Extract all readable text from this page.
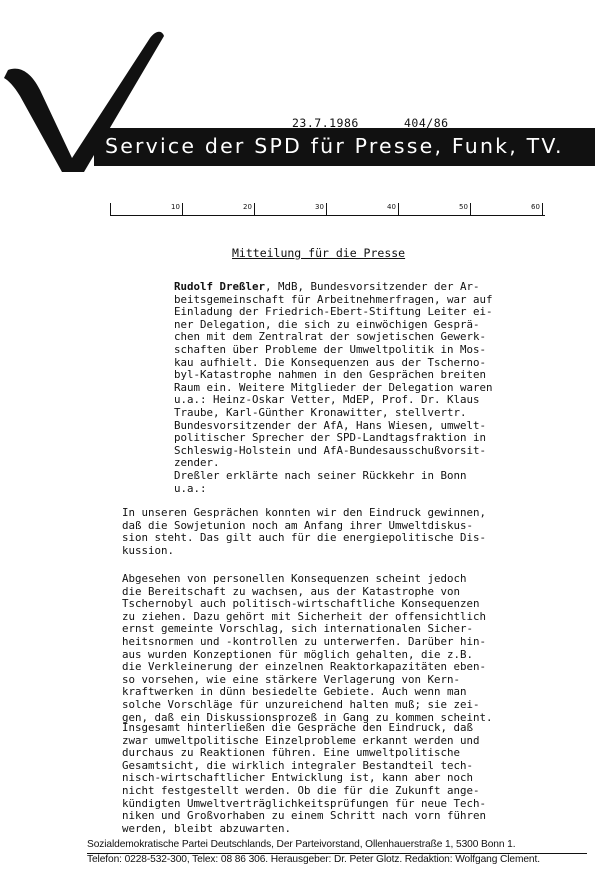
23.7.1986	404/86
Service der SPD für Presse, Funk, TV.
10	20	30	40	50	60
Mitteilung für die Presse
Rudolf Dreßler, MdB, Bundesvorsitzender der Ar-
beitsgemeinschaft für Arbeitnehmerfragen, war auf
Einladung der Friedrich-Ebert-Stiftung Leiter ei-
ner Delegation, die sich zu einwöchigen Gesprä-
chen mit dem Zentralrat der sowjetischen Gewerk-
schaften über Probleme der Umweltpolitik in Mos-
kau aufhielt. Die Konsequenzen aus der Tscherno-
byl-Katastrophe nahmen in den Gesprächen breiten
Raum ein. Weitere Mitglieder der Delegation waren
u.a.: Heinz-Oskar Vetter, MdEP, Prof. Dr. Klaus
Traube, Karl-Günther Kronawitter, stellvertr.
Bundesvorsitzender der AfA, Hans Wiesen, umwelt-
politischer Sprecher der SPD-Landtagsfraktion in
Schleswig-Holstein und AfA-Bundesausschußvorsit-
zender.
Dreßler erklärte nach seiner Rückkehr in Bonn
u.a.:
In unseren Gesprächen konnten wir den Eindruck gewinnen,
daß die Sowjetunion noch am Anfang ihrer Umweltdiskus-
sion steht. Das gilt auch für die energiepolitische Dis-
kussion.
Abgesehen von personellen Konsequenzen scheint jedoch
die Bereitschaft zu wachsen, aus der Katastrophe von
Tschernobyl auch politisch-wirtschaftliche Konsequenzen
zu ziehen. Dazu gehört mit Sicherheit der offensichtlich
ernst gemeinte Vorschlag, sich internationalen Sicher-
heitsnormen und -kontrollen zu unterwerfen. Darüber hin-
aus wurden Konzeptionen für möglich gehalten, die z.B.
die Verkleinerung der einzelnen Reaktorkapazitäten eben-
so vorsehen, wie eine stärkere Verlagerung von Kern-
kraftwerken in dünn besiedelte Gebiete. Auch wenn man
solche Vorschläge für unzureichend halten muß; sie zei-
gen, daß ein Diskussionsprozeß in Gang zu kommen scheint.
Insgesamt hinterließen die Gespräche den Eindruck, daß
zwar umweltpolitische Einzelprobleme erkannt werden und
durchaus zu Reaktionen führen. Eine umweltpolitische
Gesamtsicht, die wirklich integraler Bestandteil tech-
nisch-wirtschaftlicher Entwicklung ist, kann aber noch
nicht festgestellt werden. Ob die für die Zukunft ange-
kündigten Umweltverträglichkeitsprüfungen für neue Tech-
niken und Großvorhaben zu einem Schritt nach vorn führen
werden, bleibt abzuwarten.
Sozialdemokratische Partei Deutschlands, Der Parteivorstand, Ollenhauerstraße 1, 5300 Bonn 1.
Telefon: 0228-532-300, Telex: 08 86 306. Herausgeber: Dr. Peter Glotz. Redaktion: Wolfgang Clement.
